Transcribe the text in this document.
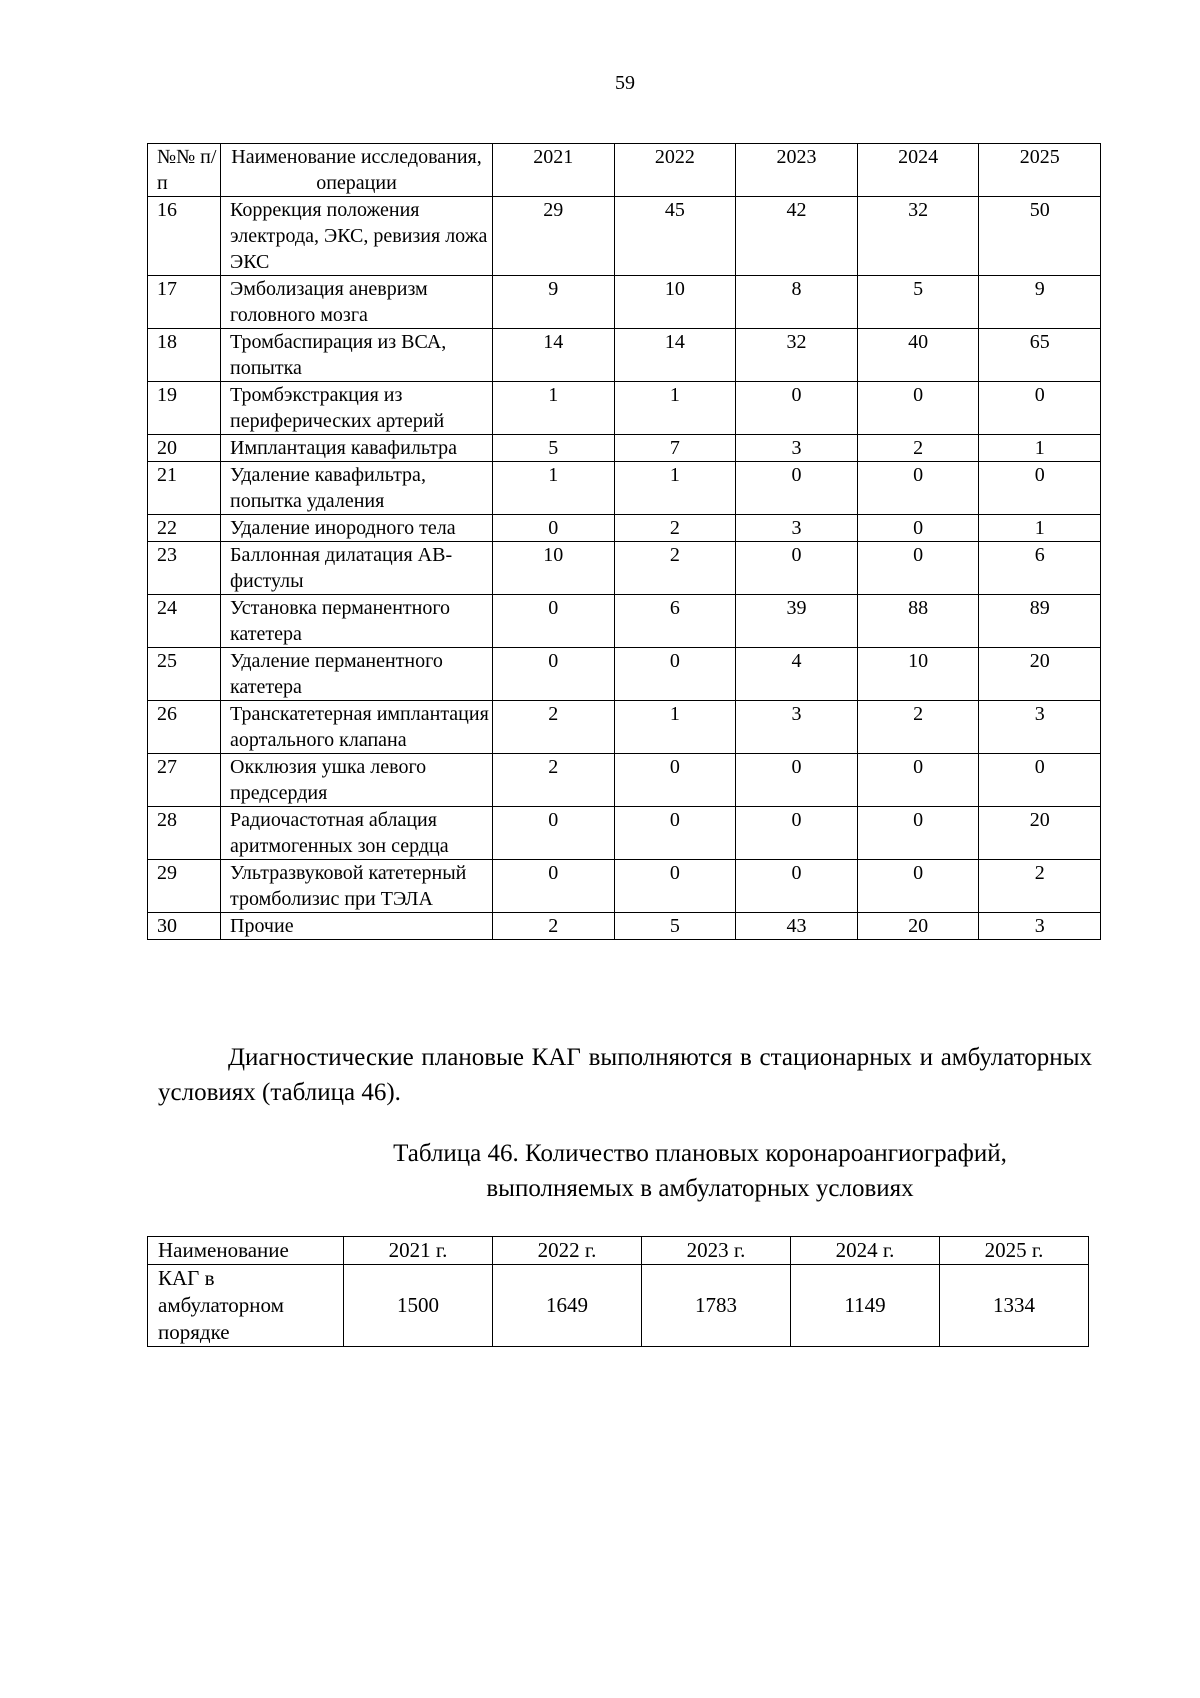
59
№№ п/п	Наименование исследования, операции	2021	2022	2023	2024	2025
16	Коррекция положения электрода, ЭКС, ревизия ложа ЭКС	29	45	42	32	50
17	Эмболизация аневризм головного мозга	9	10	8	5	9
18	Тромбаспирация из ВСА, попытка	14	14	32	40	65
19	Тромбэкстракция из периферических артерий	1	1	0	0	0
20	Имплантация кавафильтра	5	7	3	2	1
21	Удаление кавафильтра, попытка удаления	1	1	0	0	0
22	Удаление инородного тела	0	2	3	0	1
23	Баллонная дилатация АВ-фистулы	10	2	0	0	6
24	Установка перманентного катетера	0	6	39	88	89
25	Удаление перманентного катетера	0	0	4	10	20
26	Транскатетерная имплантация аортального клапана	2	1	3	2	3
27	Окклюзия ушка левого предсердия	2	0	0	0	0
28	Радиочастотная аблация аритмогенных зон сердца	0	0	0	0	20
29	Ультразвуковой катетерный тромболизис при ТЭЛА	0	0	0	0	2
30	Прочие	2	5	43	20	3
Диагностические плановые КАГ выполняются в стационарных и амбулаторных условиях (таблица 46).
Таблица 46. Количество плановых коронароангиографий,
выполняемых в амбулаторных условиях
Наименование	2021 г.	2022 г.	2023 г.	2024 г.	2025 г.
КАГ в амбулаторном порядке	1500	1649	1783	1149	1334
